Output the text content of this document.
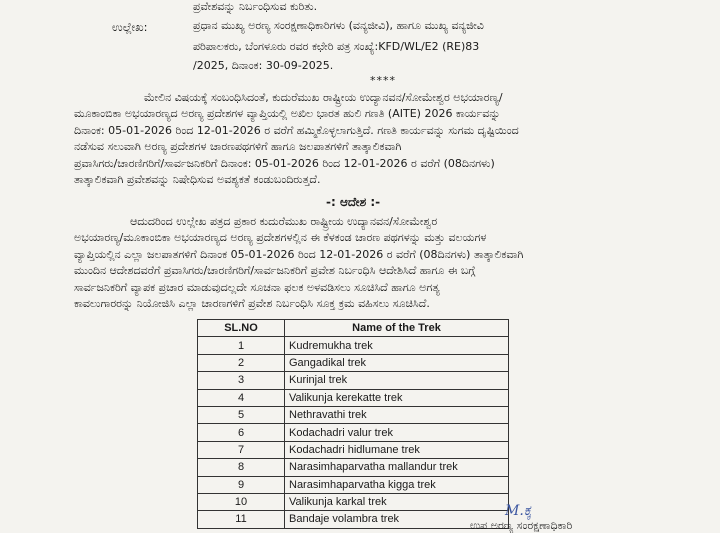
ಪ್ರವೇಶವನ್ನು ನಿರ್ಬಂಧಿಸುವ ಕುರಿತು.
ಉಲ್ಲೇಖ:	ಪ್ರಧಾನ ಮುಖ್ಯ ಅರಣ್ಯ ಸಂರಕ್ಷಣಾಧಿಕಾರಿಗಳು (ವನ್ಯಜೀವಿ), ಹಾಗೂ ಮುಖ್ಯ ವನ್ಯಜೀವಿ
ಪರಿಪಾಲಕರು, ಬೆಂಗಳೂರು ರವರ ಕಛೇರಿ ಪತ್ರ ಸಂಖ್ಯೆ:KFD/WL/E2 (RE)83
/2025, ದಿನಾಂಕ: 30-09-2025.
****
ಮೇಲಿನ ವಿಷಯಕ್ಕೆ ಸಂಬಂಧಿಸಿದಂತೆ, ಕುದುರೆಮುಖ ರಾಷ್ಟ್ರೀಯ ಉದ್ಯಾನವನ/ಸೋಮೇಶ್ವರ ಅಭಯಾರಣ್ಯ/
ಮೂಕಾಂಬಿಕಾ ಅಭಯಾರಣ್ಯದ ಅರಣ್ಯ ಪ್ರದೇಶಗಳ ವ್ಯಾಪ್ತಿಯಲ್ಲಿ ಅಖಿಲ ಭಾರತ ಹುಲಿ ಗಣತಿ (AITE) 2026 ಕಾರ್ಯವನ್ನು
ದಿನಾಂಕ: 05-01-2026 ರಿಂದ 12-01-2026 ರ ವರೆಗೆ ಹಮ್ಮಿಕೊಳ್ಳಲಾಗುತ್ತಿದೆ. ಗಣತಿ ಕಾರ್ಯವನ್ನು ಸುಗಮ ದೃಷ್ಟಿಯಿಂದ
ನಡೆಸುವ ಸಲುವಾಗಿ ಅರಣ್ಯ ಪ್ರದೇಶಗಳ ಚಾರಣಪಥಗಳಿಗೆ ಹಾಗೂ ಜಲಪಾತಗಳಿಗೆ ತಾತ್ಕಾಲಿಕವಾಗಿ
ಪ್ರವಾಸಿಗರು/ಚಾರಣಿಗರಿಗೆ/ಸಾರ್ವಜನಿಕರಿಗೆ ದಿನಾಂಕ: 05-01-2026 ರಿಂದ 12-01-2026 ರ ವರೆಗೆ (08ದಿನಗಳು)
ತಾತ್ಕಾಲಿಕವಾಗಿ ಪ್ರವೇಶವನ್ನು ನಿಷೇಧಿಸುವ ಅವಶ್ಯಕತೆ ಕಂಡುಬಂದಿರುತ್ತದೆ.
-: ಆದೇಶ :-
ಆದುದರಿಂದ ಉಲ್ಲೇಖ ಪತ್ರದ ಪ್ರಕಾರ ಕುದುರೆಮುಖ ರಾಷ್ಟ್ರೀಯ ಉದ್ಯಾನವನ/ಸೋಮೇಶ್ವರ
ಅಭಯಾರಣ್ಯ/ಮೂಕಾಂಬಿಕಾ ಅಭಯಾರಣ್ಯದ ಅರಣ್ಯ ಪ್ರದೇಶಗಳಲ್ಲಿನ ಈ ಕೆಳಕಂಡ ಚಾರಣ ಪಥಗಳನ್ನು ಮತ್ತು ವಲಯಗಳ
ವ್ಯಾಪ್ತಿಯಲ್ಲಿನ ಎಲ್ಲಾ ಜಲಪಾತಗಳಿಗೆ ದಿನಾಂಕ 05-01-2026 ರಿಂದ 12-01-2026 ರ ವರೆಗೆ (08ದಿನಗಳು) ತಾತ್ಕಾಲಿಕವಾಗಿ
ಮುಂದಿನ ಆದೇಶದವರೆಗೆ ಪ್ರವಾಸಿಗರು/ಚಾರಣಿಗರಿಗೆ/ಸಾರ್ವಜನಿಕರಿಗೆ ಪ್ರವೇಶ ನಿರ್ಬಂಧಿಸಿ ಆದೇಶಿಸಿದೆ ಹಾಗೂ ಈ ಬಗ್ಗೆ
ಸಾರ್ವಜನಿಕರಿಗೆ ವ್ಯಾಪಕ ಪ್ರಚಾರ ಮಾಡುವುದಲ್ಲದೇ ಸೂಚನಾ ಫಲಕ ಅಳವಡಿಸಲು ಸೂಚಿಸಿದೆ ಹಾಗೂ ಅಗತ್ಯ
ಕಾವಲುಗಾರರನ್ನು ನಿಯೋಜಿಸಿ ಎಲ್ಲಾ ಚಾರಣಗಳಿಗೆ ಪ್ರವೇಶ ನಿರ್ಬಂಧಿಸಿ ಸೂಕ್ತ ಕ್ರಮ ವಹಿಸಲು ಸೂಚಿಸಿದೆ.
SL.NO	Name of the Trek
1	Kudremukha trek
2	Gangadikal trek
3	Kurinjal trek
4	Valikunja kerekatte trek
5	Nethravathi trek
6	Kodachadri valur trek
7	Kodachadri hidlumane trek
8	Narasimhaparvatha mallandur trek
9	Narasimhaparvatha kigga trek
10	Valikunja karkal trek
11	Bandaje volambra trek
M.ಕ್ಕ
ಉಪ ಅರಣ್ಯ ಸಂರಕ್ಷಣಾಧಿಕಾರಿ
